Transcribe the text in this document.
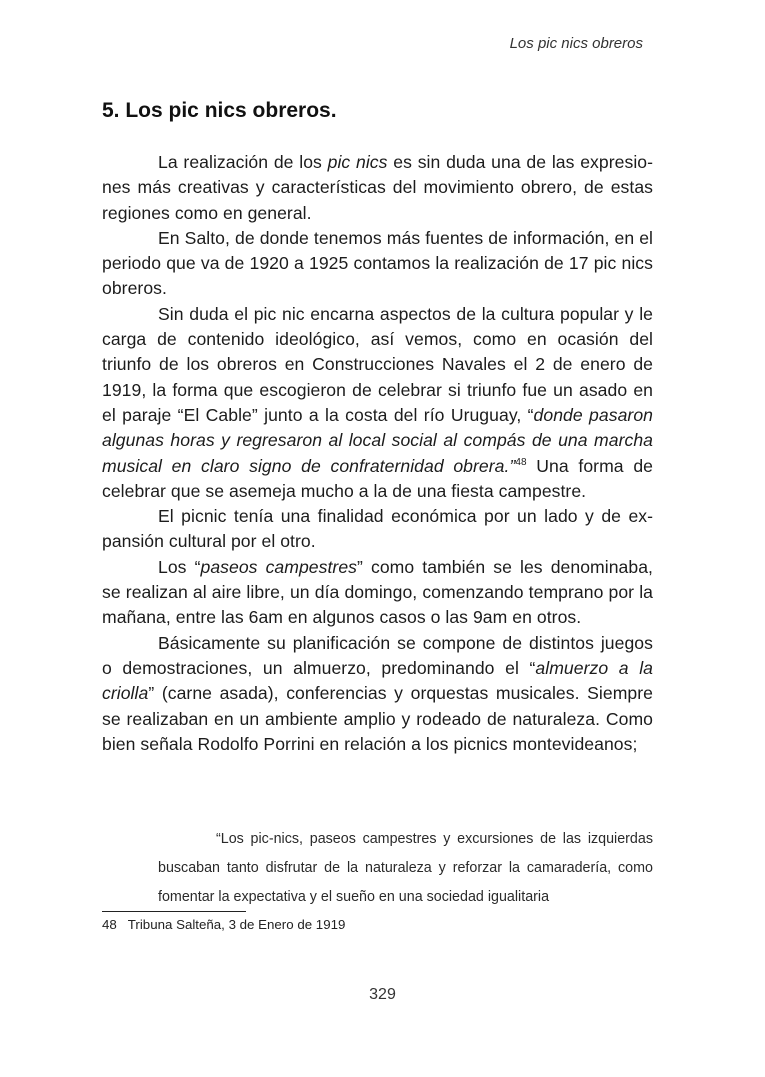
Los pic nics obreros
5. Los pic nics obreros.

La realización de los pic nics es sin duda una de las expresiones más creativas y características del movimiento obrero, de estas regiones como en general.

En Salto, de donde tenemos más fuentes de información, en el periodo que va de 1920 a 1925 contamos la realización de 17 pic nics obreros.

Sin duda el pic nic encarna aspectos de la cultura popular y le carga de contenido ideológico, así vemos, como en ocasión del triunfo de los obreros en Construcciones Navales el 2 de enero de 1919, la forma que escogieron de celebrar si triunfo fue un asado en el paraje “El Cable” junto a la costa del río Uruguay, “donde pasaron algunas horas y regresaron al local social al compás de una marcha musical en claro signo de confraternidad obrera.”$^{48}$ Una forma de celebrar que se asemeja mucho a la de una fiesta campestre.

El picnic tenía una finalidad económica por un lado y de expansión cultural por el otro.

Los “paseos campestres” como también se les denominaba, se realizan al aire libre, un día domingo, comenzando temprano por la mañana, entre las 6am en algunos casos o las 9am en otros.

Básicamente su planificación se compone de distintos juegos o demostraciones, un almuerzo, predominando el “almuerzo a la criolla” (carne asada), conferencias y orquestas musicales. Siempre se realizaban en un ambiente amplio y rodeado de naturaleza. Como bien señala Rodolfo Porrini en relación a los picnics montevideanos;

“Los pic-nics, paseos campestres y excursiones de las izquierdas buscaban tanto disfrutar de la naturaleza y reforzar la camaradería, como fomentar la expectativa y el sueño en una sociedad igualitaria

48 Tribuna Salteña, 3 de Enero de 1919
329
